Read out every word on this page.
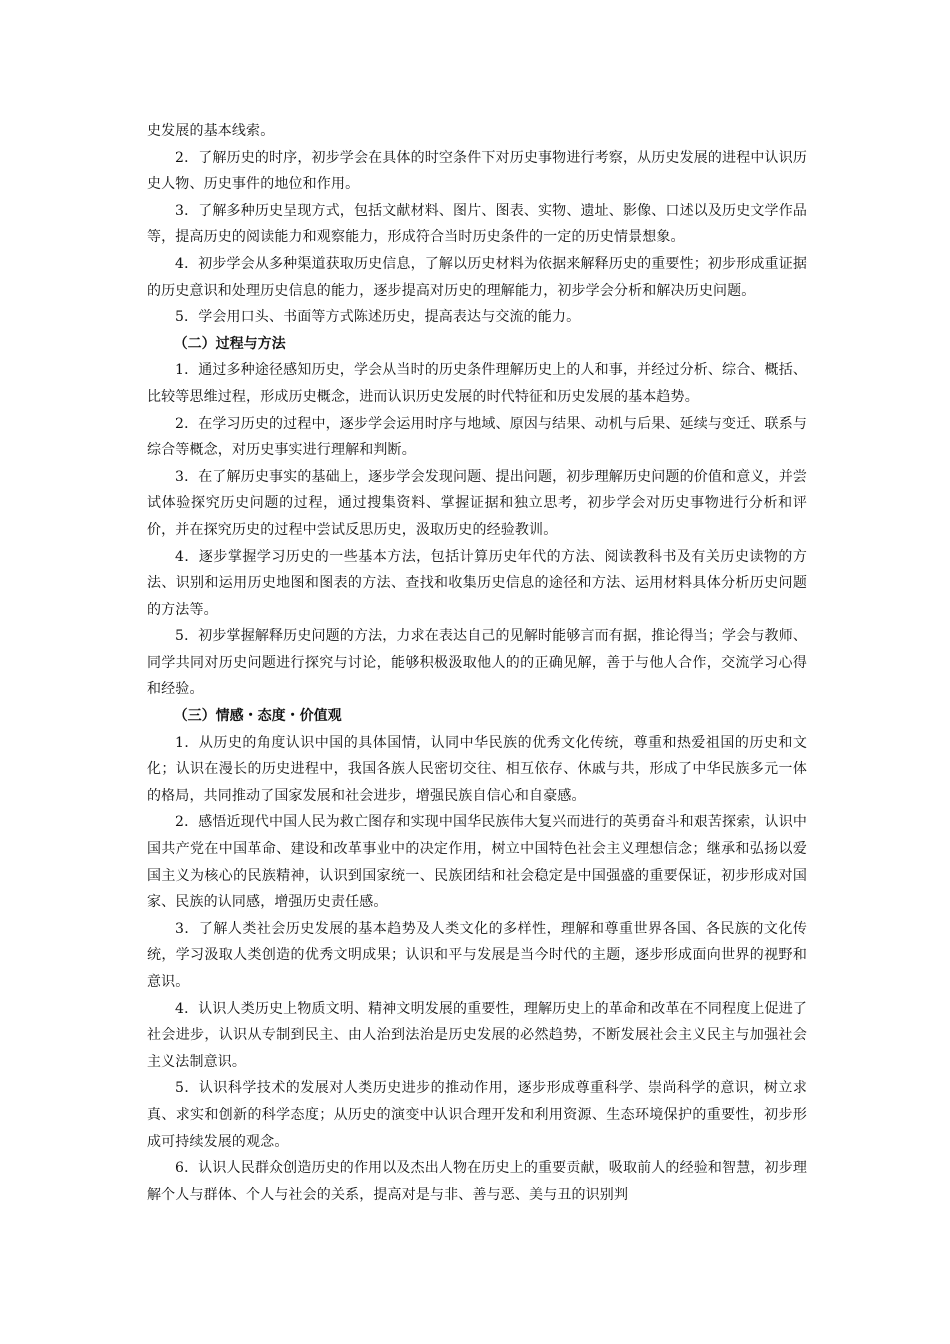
史发展的基本线索。

2．了解历史的时序，初步学会在具体的时空条件下对历史事物进行考察，从历史发展的进程中认识历史人物、历史事件的地位和作用。

3．了解多种历史呈现方式，包括文献材料、图片、图表、实物、遗址、影像、口述以及历史文学作品等，提高历史的阅读能力和观察能力，形成符合当时历史条件的一定的历史情景想象。

4．初步学会从多种渠道获取历史信息，了解以历史材料为依据来解释历史的重要性；初步形成重证据的历史意识和处理历史信息的能力，逐步提高对历史的理解能力，初步学会分析和解决历史问题。

5．学会用口头、书面等方式陈述历史，提高表达与交流的能力。

（二）过程与方法

1．通过多种途径感知历史，学会从当时的历史条件理解历史上的人和事，并经过分析、综合、概括、比较等思维过程，形成历史概念，进而认识历史发展的时代特征和历史发展的基本趋势。

2．在学习历史的过程中，逐步学会运用时序与地域、原因与结果、动机与后果、延续与变迁、联系与综合等概念，对历史事实进行理解和判断。

3．在了解历史事实的基础上，逐步学会发现问题、提出问题，初步理解历史问题的价值和意义，并尝试体验探究历史问题的过程，通过搜集资料、掌握证据和独立思考，初步学会对历史事物进行分析和评价，并在探究历史的过程中尝试反思历史，汲取历史的经验教训。

4．逐步掌握学习历史的一些基本方法，包括计算历史年代的方法、阅读教科书及有关历史读物的方法、识别和运用历史地图和图表的方法、查找和收集历史信息的途径和方法、运用材料具体分析历史问题的方法等。

5．初步掌握解释历史问题的方法，力求在表达自己的见解时能够言而有据，推论得当；学会与教师、同学共同对历史问题进行探究与讨论，能够积极汲取他人的的正确见解，善于与他人合作，交流学习心得和经验。

（三）情感・态度・价值观

1．从历史的角度认识中国的具体国情，认同中华民族的优秀文化传统，尊重和热爱祖国的历史和文化；认识在漫长的历史进程中，我国各族人民密切交往、相互依存、休戚与共，形成了中华民族多元一体的格局，共同推动了国家发展和社会进步，增强民族自信心和自豪感。

2．感悟近现代中国人民为救亡图存和实现中国华民族伟大复兴而进行的英勇奋斗和艰苦探索，认识中国共产党在中国革命、建设和改革事业中的决定作用，树立中国特色社会主义理想信念；继承和弘扬以爱国主义为核心的民族精神，认识到国家统一、民族团结和社会稳定是中国强盛的重要保证，初步形成对国家、民族的认同感，增强历史责任感。

3．了解人类社会历史发展的基本趋势及人类文化的多样性，理解和尊重世界各国、各民族的文化传统，学习汲取人类创造的优秀文明成果；认识和平与发展是当今时代的主题，逐步形成面向世界的视野和意识。

4．认识人类历史上物质文明、精神文明发展的重要性，理解历史上的革命和改革在不同程度上促进了社会进步，认识从专制到民主、由人治到法治是历史发展的必然趋势，不断发展社会主义民主与加强社会主义法制意识。

5．认识科学技术的发展对人类历史进步的推动作用，逐步形成尊重科学、崇尚科学的意识，树立求真、求实和创新的科学态度；从历史的演变中认识合理开发和利用资源、生态环境保护的重要性，初步形成可持续发展的观念。

6．认识人民群众创造历史的作用以及杰出人物在历史上的重要贡献，吸取前人的经验和智慧，初步理解个人与群体、个人与社会的关系，提高对是与非、善与恶、美与丑的识别判
